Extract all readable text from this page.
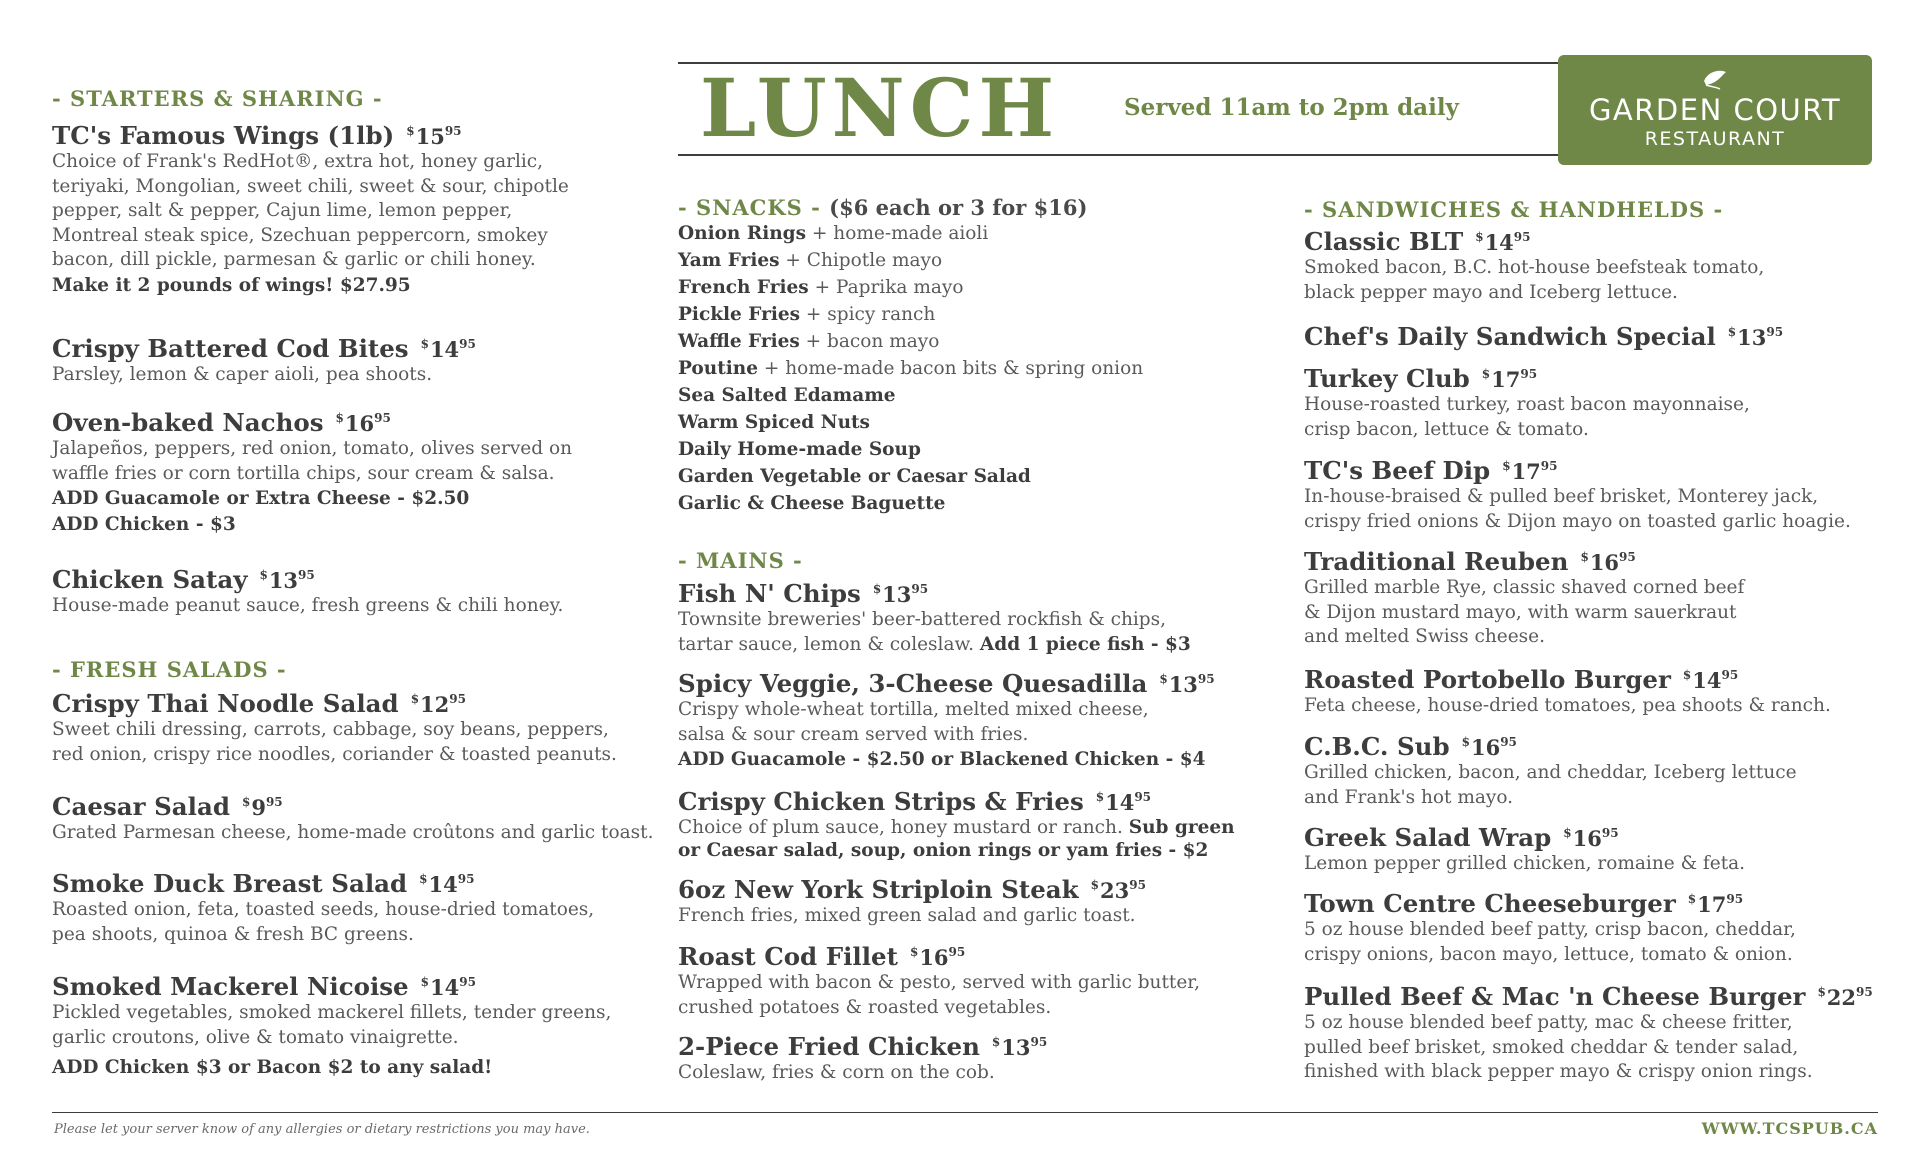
LUNCH	Served 11am to 2pm daily	GARDEN COURT
RESTAURANT
- STARTERS & SHARING -
TC's Famous Wings (1lb) $^{\$}15^{95}$
Choice of Frank's RedHot®, extra hot, honey garlic,
teriyaki, Mongolian, sweet chili, sweet & sour, chipotle
pepper, salt & pepper, Cajun lime, lemon pepper,
Montreal steak spice, Szechuan peppercorn, smokey
bacon, dill pickle, parmesan & garlic or chili honey.
Make it 2 pounds of wings! $27.95
Crispy Battered Cod Bites $^{\$}14^{95}$
Parsley, lemon & caper aioli, pea shoots.
Oven-baked Nachos $^{\$}16^{95}$
Jalapeños, peppers, red onion, tomato, olives served on
waffle fries or corn tortilla chips, sour cream & salsa.
ADD Guacamole or Extra Cheese - $2.50
ADD Chicken - $3
Chicken Satay $^{\$}13^{95}$
House-made peanut sauce, fresh greens & chili honey.
- FRESH SALADS -
Crispy Thai Noodle Salad $^{\$}12^{95}$
Sweet chili dressing, carrots, cabbage, soy beans, peppers,
red onion, crispy rice noodles, coriander & toasted peanuts.
Caesar Salad $^{\$}9^{95}$
Grated Parmesan cheese, home-made croûtons and garlic toast.
Smoke Duck Breast Salad $^{\$}14^{95}$
Roasted onion, feta, toasted seeds, house-dried tomatoes,
pea shoots, quinoa & fresh BC greens.
Smoked Mackerel Nicoise $^{\$}14^{95}$
Pickled vegetables, smoked mackerel fillets, tender greens,
garlic croutons, olive & tomato vinaigrette.
ADD Chicken $3 or Bacon $2 to any salad!
- SNACKS - ($6 each or 3 for $16)
Onion Rings + home-made aioli
Yam Fries + Chipotle mayo
French Fries + Paprika mayo
Pickle Fries + spicy ranch
Waffle Fries + bacon mayo
Poutine + home-made bacon bits & spring onion
Sea Salted Edamame
Warm Spiced Nuts
Daily Home-made Soup
Garden Vegetable or Caesar Salad
Garlic & Cheese Baguette
- MAINS -
Fish N' Chips $^{\$}13^{95}$
Townsite breweries' beer-battered rockfish & chips,
tartar sauce, lemon & coleslaw. Add 1 piece fish - $3
Spicy Veggie, 3-Cheese Quesadilla $^{\$}13^{95}$
Crispy whole-wheat tortilla, melted mixed cheese,
salsa & sour cream served with fries.
ADD Guacamole - $2.50 or Blackened Chicken - $4
Crispy Chicken Strips & Fries $^{\$}14^{95}$
Choice of plum sauce, honey mustard or ranch. Sub green
or Caesar salad, soup, onion rings or yam fries - $2
6oz New York Striploin Steak $^{\$}23^{95}$
French fries, mixed green salad and garlic toast.
Roast Cod Fillet $^{\$}16^{95}$
Wrapped with bacon & pesto, served with garlic butter,
crushed potatoes & roasted vegetables.
2-Piece Fried Chicken $^{\$}13^{95}$
Coleslaw, fries & corn on the cob.
- SANDWICHES & HANDHELDS -
Classic BLT $^{\$}14^{95}$
Smoked bacon, B.C. hot-house beefsteak tomato,
black pepper mayo and Iceberg lettuce.
Chef's Daily Sandwich Special $^{\$}13^{95}$
Turkey Club $^{\$}17^{95}$
House-roasted turkey, roast bacon mayonnaise,
crisp bacon, lettuce & tomato.
TC's Beef Dip $^{\$}17^{95}$
In-house-braised & pulled beef brisket, Monterey jack,
crispy fried onions & Dijon mayo on toasted garlic hoagie.
Traditional Reuben $^{\$}16^{95}$
Grilled marble Rye, classic shaved corned beef
& Dijon mustard mayo, with warm sauerkraut
and melted Swiss cheese.
Roasted Portobello Burger $^{\$}14^{95}$
Feta cheese, house-dried tomatoes, pea shoots & ranch.
C.B.C. Sub $^{\$}16^{95}$
Grilled chicken, bacon, and cheddar, Iceberg lettuce
and Frank's hot mayo.
Greek Salad Wrap $^{\$}16^{95}$
Lemon pepper grilled chicken, romaine & feta.
Town Centre Cheeseburger $^{\$}17^{95}$
5 oz house blended beef patty, crisp bacon, cheddar,
crispy onions, bacon mayo, lettuce, tomato & onion.
Pulled Beef & Mac 'n Cheese Burger $^{\$}22^{95}$
5 oz house blended beef patty, mac & cheese fritter,
pulled beef brisket, smoked cheddar & tender salad,
finished with black pepper mayo & crispy onion rings.
Please let your server know of any allergies or dietary restrictions you may have.	WWW.TCSPUB.CA
